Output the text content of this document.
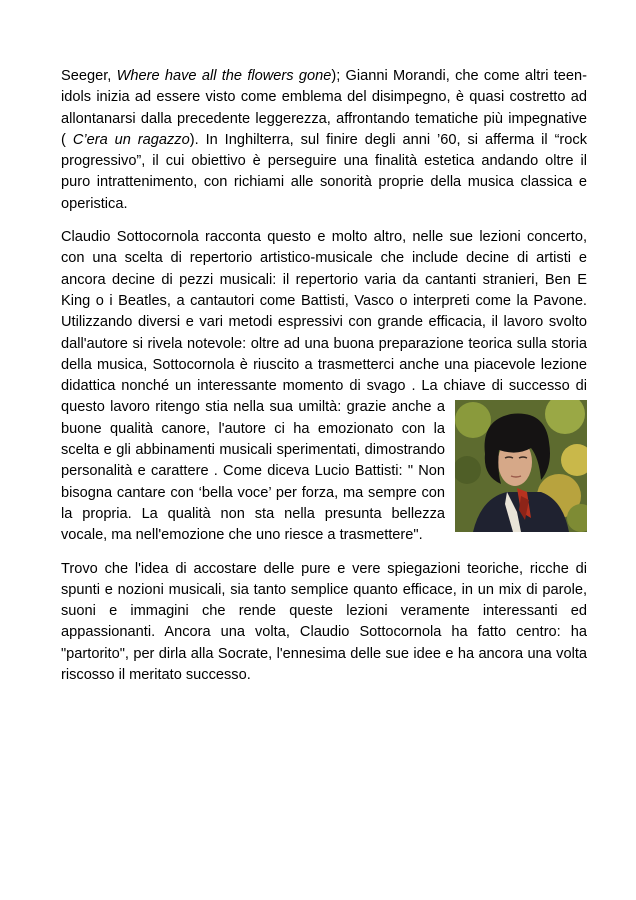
Seeger, Where have all the flowers gone); Gianni Morandi, che come altri teen-idols inizia ad essere visto come emblema del disimpegno, è quasi costretto ad allontanarsi dalla precedente leggerezza, affrontando tematiche più impegnative ( C’era un ragazzo). In Inghilterra, sul finire degli anni ’60, si afferma il “rock progressivo”, il cui obiettivo è perseguire una finalità estetica andando oltre il puro intrattenimento, con richiami alle sonorità proprie della musica classica e operistica.

Claudio Sottocornola racconta questo e molto altro, nelle sue lezioni concerto, con una scelta di repertorio artistico-musicale che include decine di artisti e ancora decine di pezzi musicali: il repertorio varia da cantanti stranieri, Ben E King o i Beatles, a cantautori come Battisti, Vasco o interpreti come la Pavone. Utilizzando diversi e vari metodi espressivi con grande efficacia, il lavoro svolto dall'autore si rivela notevole: oltre ad una buona preparazione teorica sulla storia della musica, Sottocornola è riuscito a trasmetterci anche una piacevole lezione didattica nonché un interessante momento di svago . La chiave di successo di questo lavoro ritengo stia nella
sua umiltà: grazie anche a buone qualità canore, l'autore ci ha emozionato con la scelta e gli abbinamenti musicali sperimentati, dimostrando personalità e carattere . Come diceva Lucio Battisti: " Non bisogna cantare con ‘bella voce’ per forza, ma sempre con la propria. La qualità non sta nella presunta bellezza vocale, ma nell'emozione che uno riesce a trasmettere".

Trovo che l'idea di accostare delle pure e vere spiegazioni teoriche, ricche di spunti e nozioni musicali, sia tanto semplice quanto efficace, in un mix di parole, suoni e immagini che rende queste lezioni veramente interessanti ed appassionanti. Ancora una volta, Claudio Sottocornola ha fatto centro: ha "partorito", per dirla alla Socrate, l'ennesima delle sue idee e ha ancora una volta riscosso il meritato successo.
